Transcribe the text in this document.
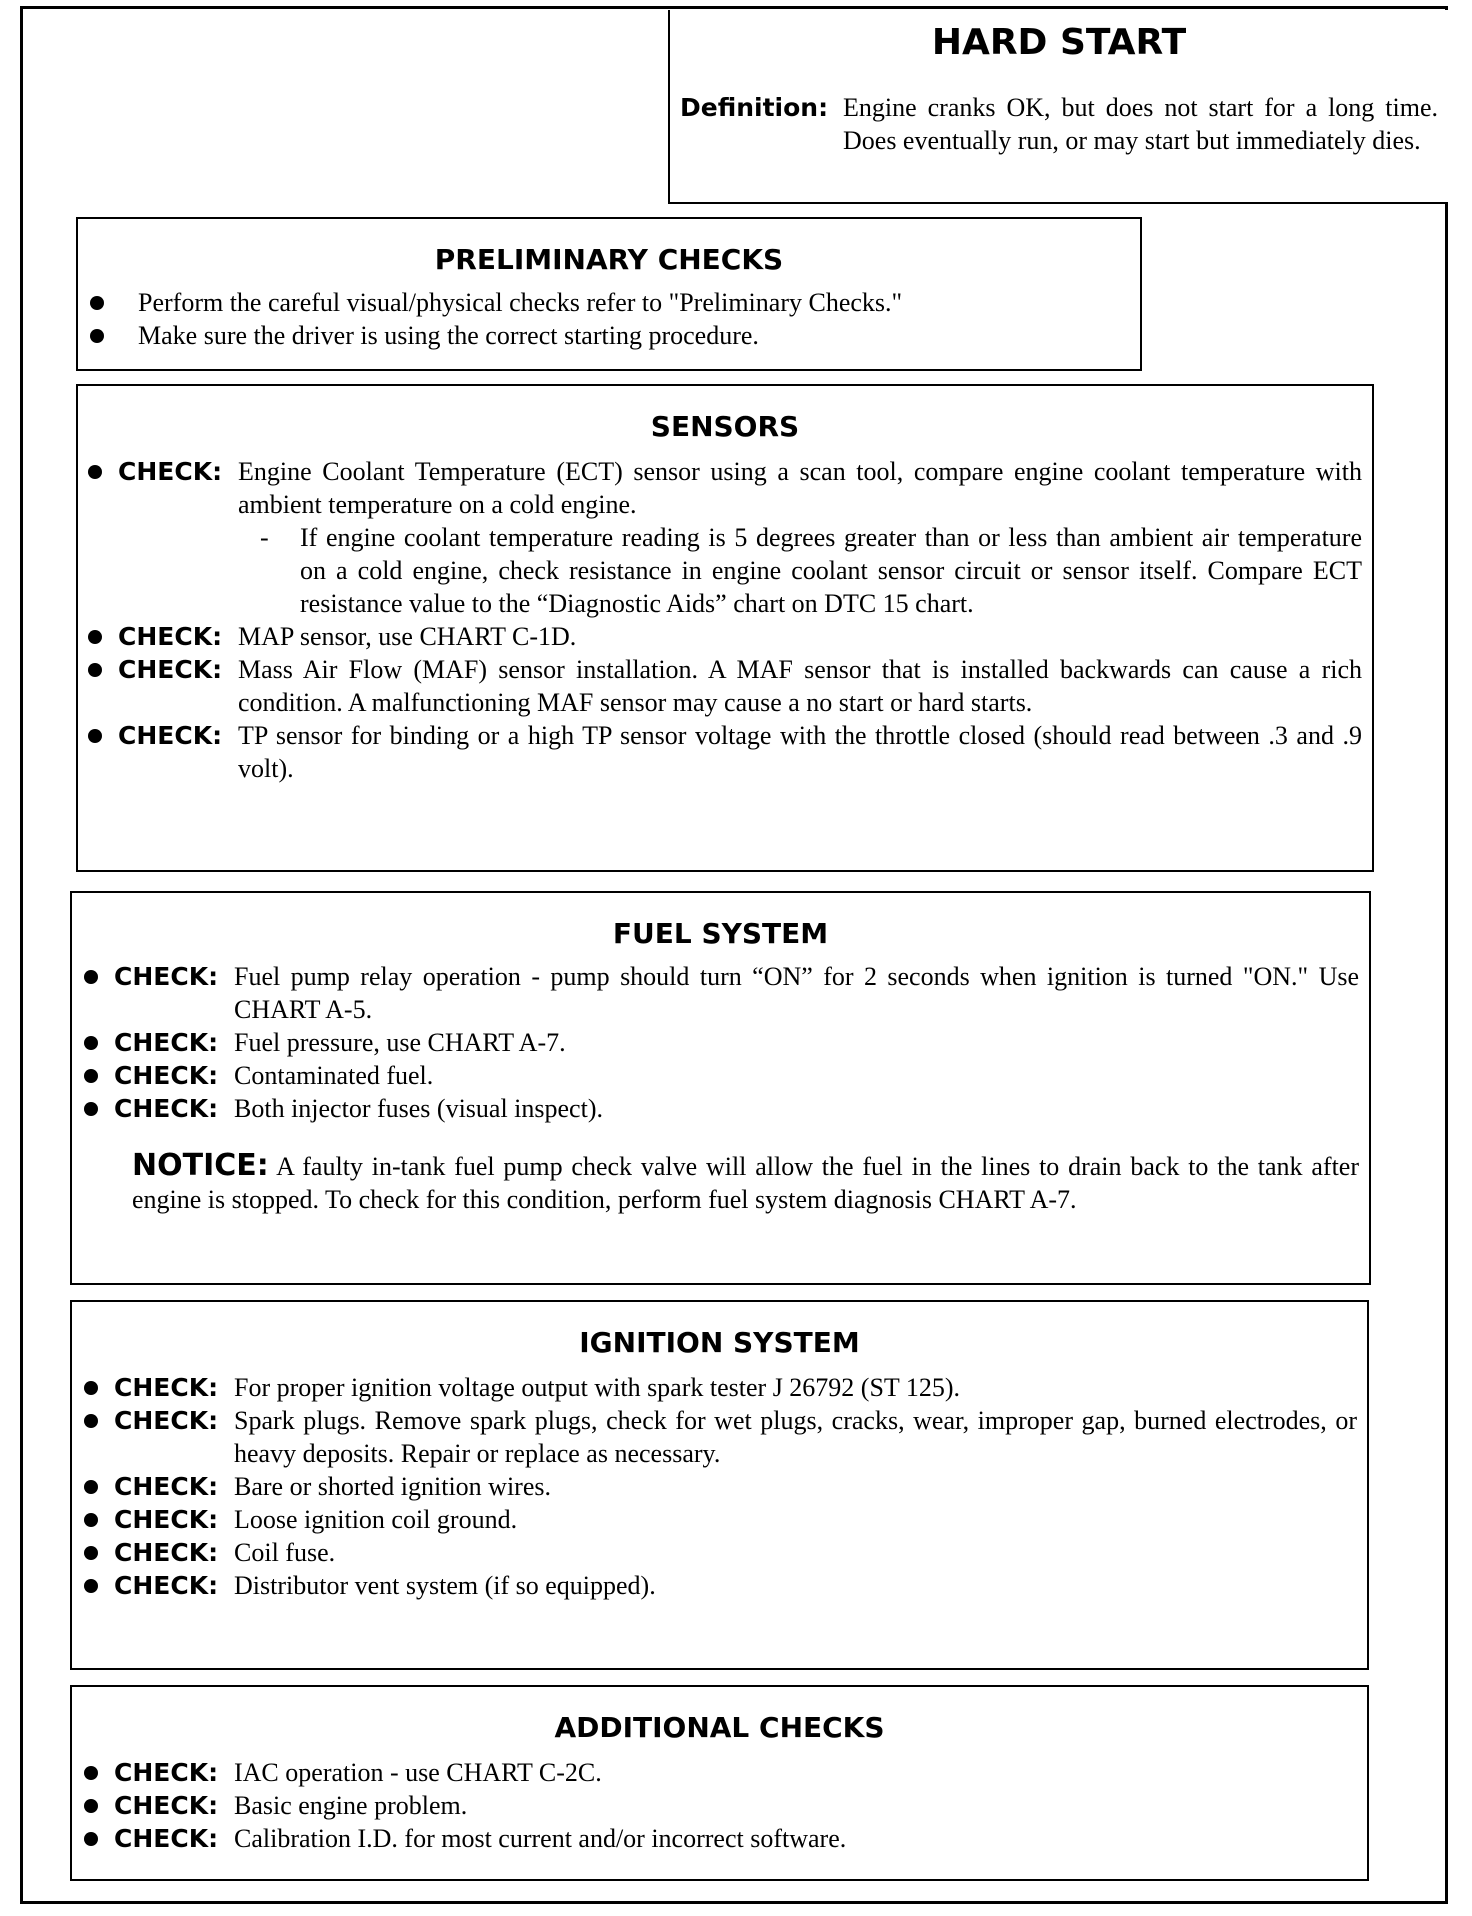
HARD START
Definition: Engine cranks OK, but does not start for a long time. Does eventually run, or may start but immediately dies.
PRELIMINARY CHECKS
Perform the careful visual/physical checks refer to "Preliminary Checks."
Make sure the driver is using the correct starting procedure.
SENSORS
CHECK: Engine Coolant Temperature (ECT) sensor using a scan tool, compare engine coolant temperature with ambient temperature on a cold engine.
-	If engine coolant temperature reading is 5 degrees greater than or less than ambient air temperature on a cold engine, check resistance in engine coolant sensor circuit or sensor itself. Compare ECT resistance value to the “Diagnostic Aids” chart on DTC 15 chart.
CHECK: MAP sensor, use CHART C-1D.
CHECK: Mass Air Flow (MAF) sensor installation. A MAF sensor that is installed backwards can cause a rich condition. A malfunctioning MAF sensor may cause a no start or hard starts.
CHECK: TP sensor for binding or a high TP sensor voltage with the throttle closed (should read between .3 and .9 volt).
FUEL SYSTEM
CHECK: Fuel pump relay operation - pump should turn “ON” for 2 seconds when ignition is turned "ON." Use CHART A-5.
CHECK: Fuel pressure, use CHART A-7.
CHECK: Contaminated fuel.
CHECK: Both injector fuses (visual inspect).
NOTICE: A faulty in-tank fuel pump check valve will allow the fuel in the lines to drain back to the tank after engine is stopped. To check for this condition, perform fuel system diagnosis CHART A-7.
IGNITION SYSTEM
CHECK: For proper ignition voltage output with spark tester J 26792 (ST 125).
CHECK: Spark plugs. Remove spark plugs, check for wet plugs, cracks, wear, improper gap, burned electrodes, or heavy deposits. Repair or replace as necessary.
CHECK: Bare or shorted ignition wires.
CHECK: Loose ignition coil ground.
CHECK: Coil fuse.
CHECK: Distributor vent system (if so equipped).
ADDITIONAL CHECKS
CHECK: IAC operation - use CHART C-2C.
CHECK: Basic engine problem.
CHECK: Calibration I.D. for most current and/or incorrect software.
